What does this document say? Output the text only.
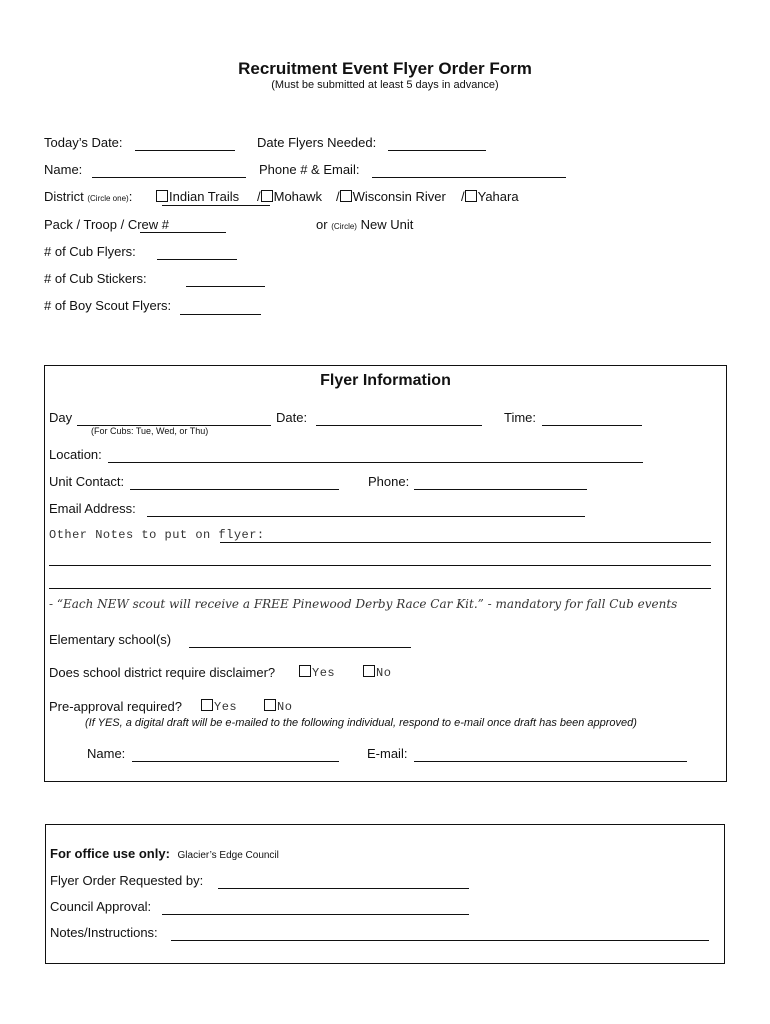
Recruitment Event Flyer Order Form
(Must be submitted at least 5 days in advance)
Today’s Date:	Date Flyers Needed:
Name:	Phone # & Email:
District (Circle one):	Indian Trails / Mohawk / Wisconsin River / Yahara
Pack / Troop / Crew #	or (Circle) New Unit
# of Cub Flyers:
# of Cub Stickers:
# of Boy Scout Flyers:
Flyer Information
Day
(For Cubs: Tue, Wed, or Thu)
Date:	Time:
Location:
Unit Contact:	Phone:
Email Address:
Other Notes to put on flyer:
- “Each NEW scout will receive a FREE Pinewood Derby Race Car Kit.” - mandatory for fall Cub events
Elementary school(s)
Does school district require disclaimer?	Yes	No
Pre-approval required?	Yes	No
(If YES, a digital draft will be e-mailed to the following individual, respond to e-mail once draft has been approved)
Name:	E-mail:
For office use only: Glacier’s Edge Council
Flyer Order Requested by:
Council Approval:
Notes/Instructions:
